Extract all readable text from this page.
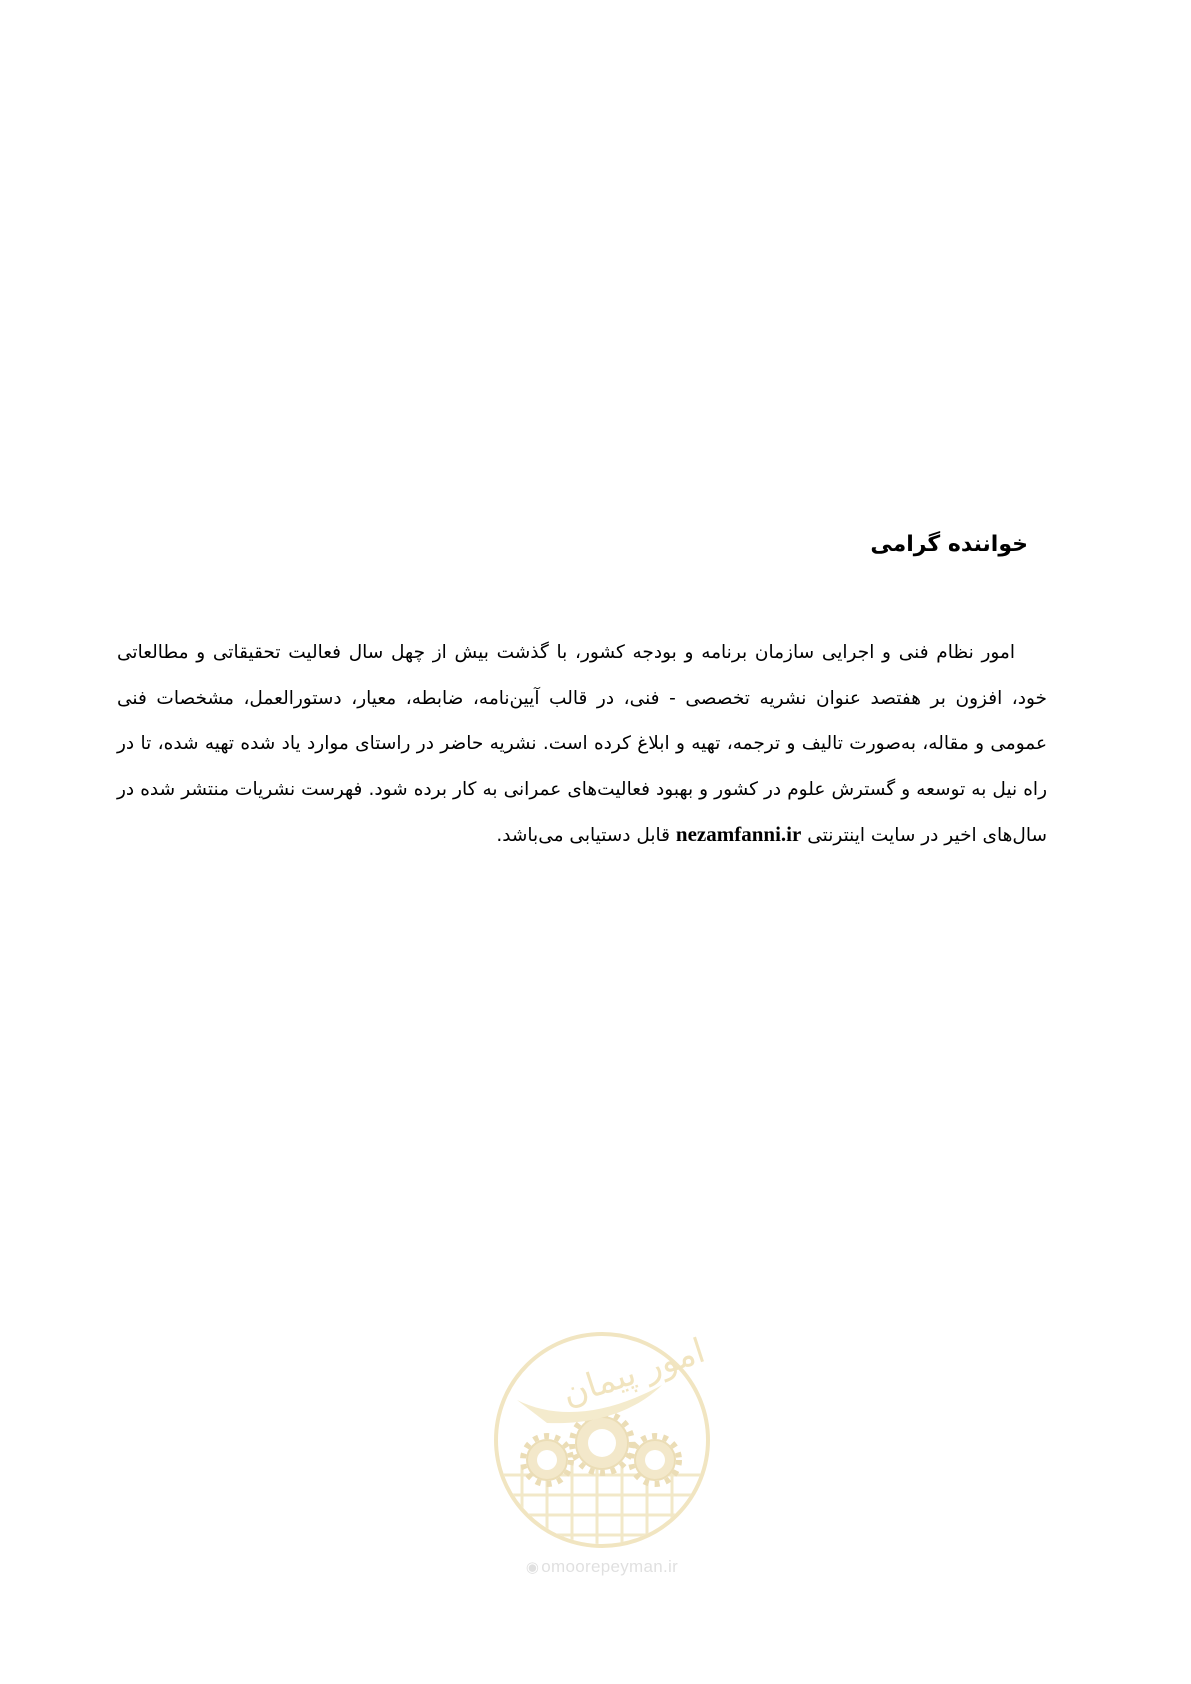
خواننده گرامی

امور نظام فنی و اجرایی سازمان برنامه و بودجه کشور، با گذشت بیش از چهل سال فعالیت تحقیقاتی و مطالعاتی خود، افزون بر هفتصد عنوان نشریه تخصصی - فنی، در قالب آیین‌نامه، ضابطه، معیار، دستورالعمل، مشخصات فنی عمومی و مقاله، به‌صورت تالیف و ترجمه، تهیه و ابلاغ کرده است. نشریه حاضر در راستای موارد یاد شده تهیه شده، تا در راه نیل به توسعه و گسترش علوم در کشور و بهبود فعالیت‌های عمرانی به کار برده شود. فهرست نشریات منتشر شده در سال‌های اخیر در سایت اینترنتی nezamfanni.ir قابل دستیابی می‌باشد.

امور پیمان
◉ omoorepeyman.ir
